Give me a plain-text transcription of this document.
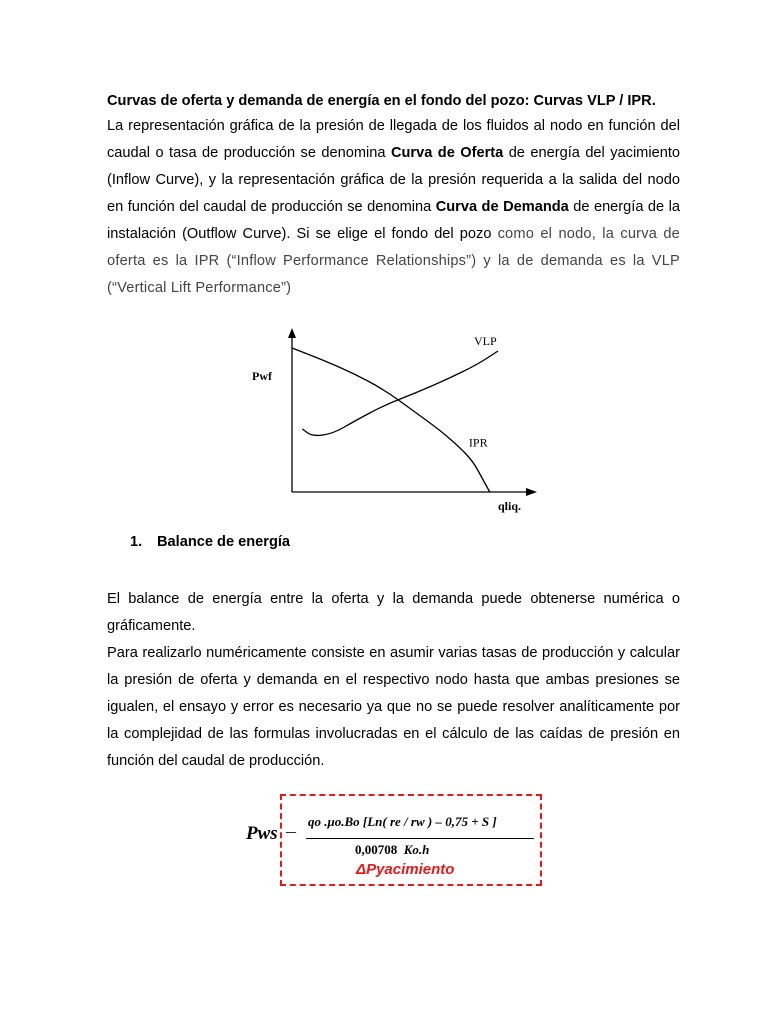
Curvas de oferta y demanda de energía en el fondo del pozo: Curvas VLP / IPR.

La representación gráfica de la presión de llegada de los fluidos al nodo en función del caudal o tasa de producción se denomina Curva de Oferta de energía del yacimiento (Inflow Curve), y la representación gráfica de la presión requerida a la salida del nodo en función del caudal de producción se denomina Curva de Demanda de energía de la instalación (Outflow Curve). Si se elige el fondo del pozo como el nodo, la curva de oferta es la IPR (“Inflow Performance Relationships”) y la de demanda es la VLP (“Vertical Lift Performance”)

Pwf
qliq.
VLP
IPR
1. Balance de energía

El balance de energía entre la oferta y la demanda puede obtenerse numérica o gráficamente.

Para realizarlo numéricamente consiste en asumir varias tasas de producción y calcular la presión de oferta y demanda en el respectivo nodo hasta que ambas presiones se igualen, el ensayo y error es necesario ya que no se puede resolver analíticamente por la complejidad de las formulas involucradas en el cálculo de las caídas de presión en función del caudal de producción.

Pws – qo .μo.Bo [Ln( re / rw ) – 0,75 + S ]
0,00708 Ko.h
ΔPyacimiento
